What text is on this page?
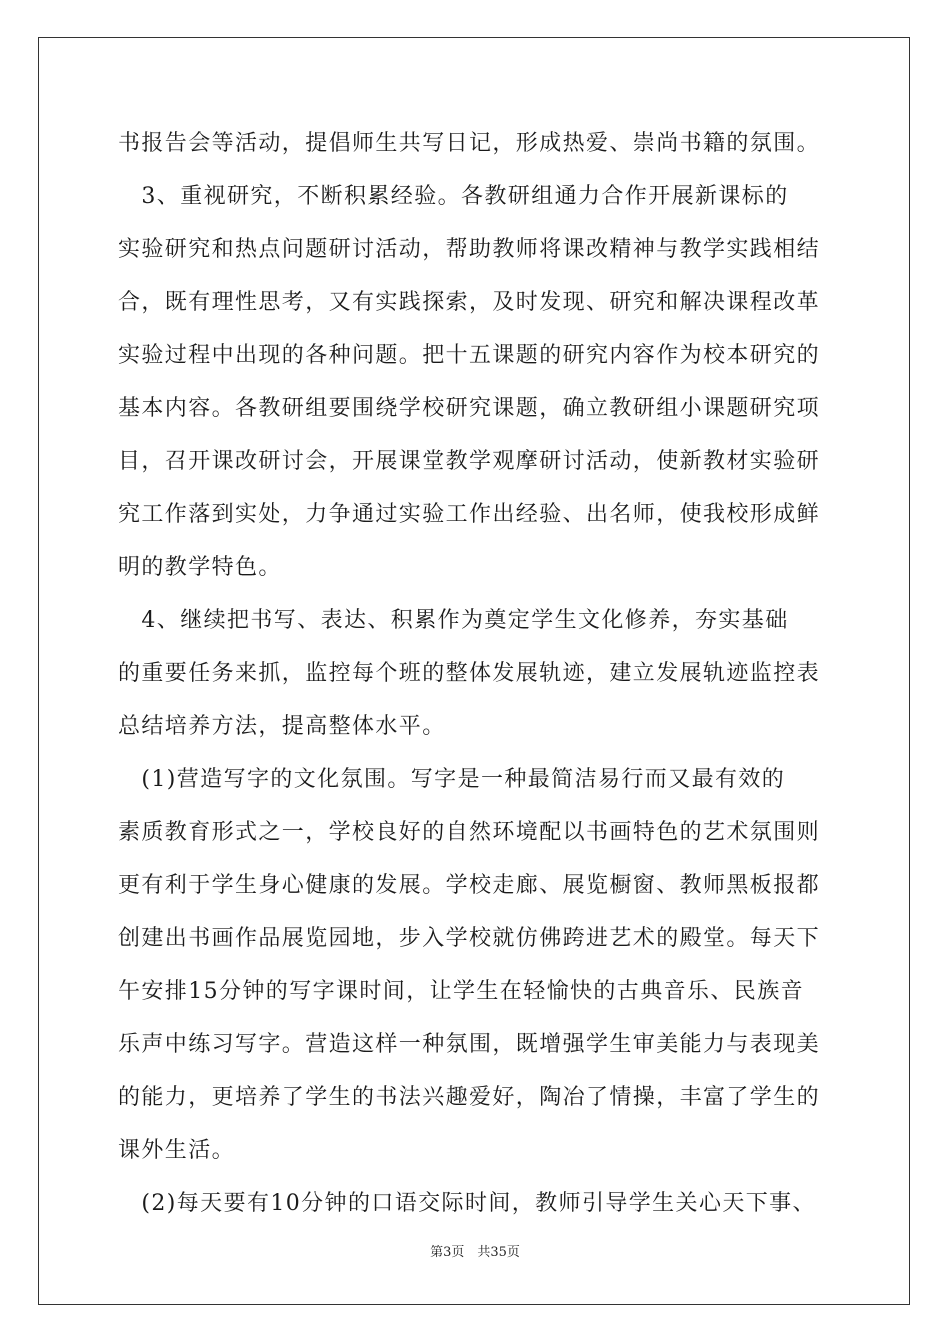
书报告会等活动，提倡师生共写日记，形成热爱、崇尚书籍的氛围。
　3、重视研究，不断积累经验。各教研组通力合作开展新课标的
实验研究和热点问题研讨活动，帮助教师将课改精神与教学实践相结
合，既有理性思考，又有实践探索，及时发现、研究和解决课程改革
实验过程中出现的各种问题。把十五课题的研究内容作为校本研究的
基本内容。各教研组要围绕学校研究课题，确立教研组小课题研究项
目，召开课改研讨会，开展课堂教学观摩研讨活动，使新教材实验研
究工作落到实处，力争通过实验工作出经验、出名师，使我校形成鲜
明的教学特色。
　4、继续把书写、表达、积累作为奠定学生文化修养，夯实基础
的重要任务来抓，监控每个班的整体发展轨迹，建立发展轨迹监控表
总结培养方法，提高整体水平。
　(1)营造写字的文化氛围。写字是一种最简洁易行而又最有效的
素质教育形式之一，学校良好的自然环境配以书画特色的艺术氛围则
更有利于学生身心健康的发展。学校走廊、展览橱窗、教师黑板报都
创建出书画作品展览园地，步入学校就仿佛跨进艺术的殿堂。每天下
午安排15分钟的写字课时间，让学生在轻愉快的古典音乐、民族音
乐声中练习写字。营造这样一种氛围，既增强学生审美能力与表现美
的能力，更培养了学生的书法兴趣爱好，陶冶了情操，丰富了学生的
课外生活。
　(2)每天要有10分钟的口语交际时间，教师引导学生关心天下事、
第3页　共35页
